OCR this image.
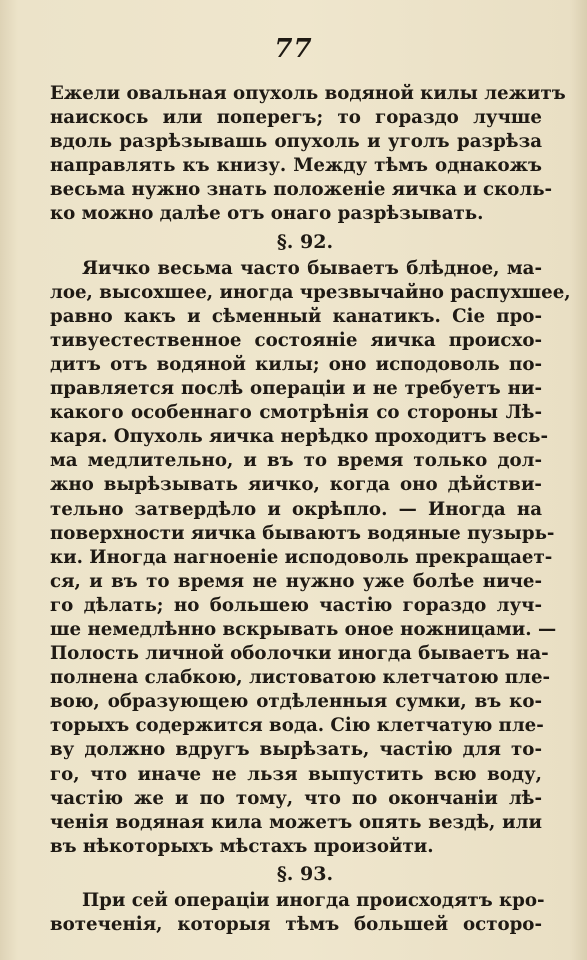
77
Ежели овальная опухоль водяной килы лежитъ
наискось или поперегъ; то гораздо лучше
вдоль разрѣзывашь опухоль и уголъ разрѣза
направлять къ книзу. Между тѣмъ однакожъ
весьма нужно знать положенiе яичка и сколь-
ко можно далѣе отъ онаго разрѣзывать.
§. 92.
Яичко весьма часто бываетъ блѣдное, ма-
лое, высохшее, иногда чрезвычайно распухшее,
равно какъ и сѣменный канатикъ. Сiе про-
тивуестественное состоянiе яичка происхо-
дитъ отъ водяной килы; оно исподоволь по-
правляется послѣ операцiи и не требуетъ ни-
какого особеннаго смотрѣнiя со стороны Лѣ-
каря. Опухоль яичка нерѣдко проходитъ весь-
ма медлительно, и въ то время только дол-
жно вырѣзывать яичко, когда оно дѣйстви-
тельно затвердѣло и окрѣпло. — Иногда на
поверхности яичка бываютъ водяные пузырь-
ки. Иногда нагноенiе исподоволь прекращает-
ся, и въ то время не нужно уже болѣе ниче-
го дѣлать; но большею частiю гораздо луч-
ше немедлѣнно вскрывать оное ножницами. —
Полость личной оболочки иногда бываетъ на-
полнена слабкою, листоватою клетчатою пле-
вою, образующею отдѣленныя сумки, въ ко-
торыхъ содержится вода. Сiю клетчатую пле-
ву должно вдругъ вырѣзать, частiю для то-
го, что иначе не льзя выпустить всю воду,
частiю же и по тому, что по окончанiи лѣ-
ченiя водяная кила можетъ опять вездѣ, или
въ нѣкоторыхъ мѣстахъ произойти.
§. 93.
При сей операцiи иногда происходятъ кро-
вотеченiя, которыя тѣмъ большей осторо-
